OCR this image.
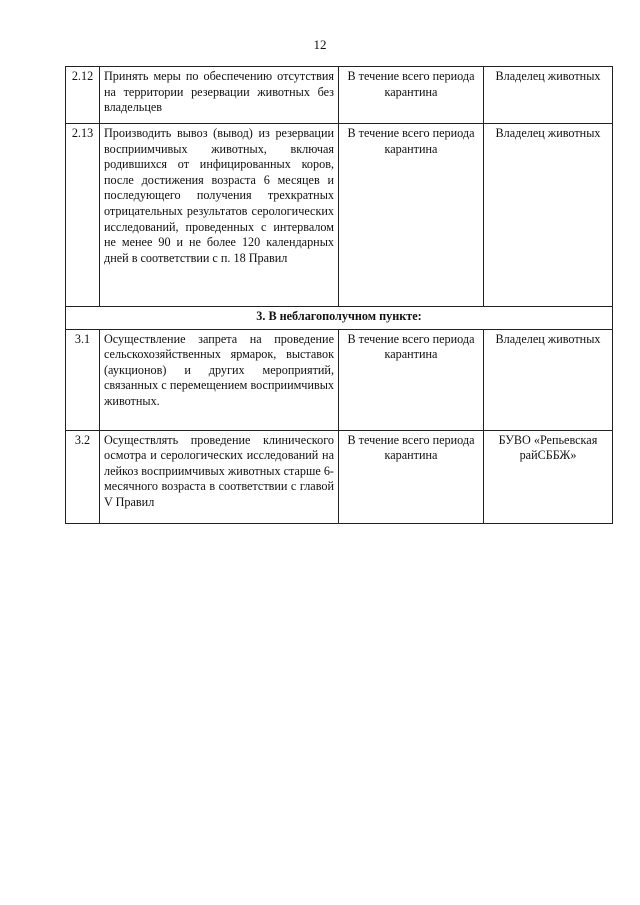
12
2.12	Принять меры по обеспечению отсутствия на территории резервации животных без владельцев	В течение всего периода карантина	Владелец животных
2.13	Производить вывоз (вывод) из резервации восприимчивых животных, включая родившихся от инфицированных коров, после достижения возраста 6 месяцев и последующего получения трехкратных отрицательных результатов серологических исследований, проведенных с интервалом не менее 90 и не более 120 календарных дней в соответствии с п. 18 Правил	В течение всего периода карантина	Владелец животных
3. В неблагополучном пункте:			
3.1	Осуществление запрета на проведение сельскохозяйственных ярмарок, выставок (аукционов) и других мероприятий, связанных с перемещением восприимчивых животных.	В течение всего периода карантина	Владелец животных
3.2	Осуществлять проведение клинического осмотра и серологических исследований на лейкоз восприимчивых животных старше 6-месячного возраста в соответствии с главой V Правил	В течение всего периода карантина	БУВО «Репьевская райСББЖ»
